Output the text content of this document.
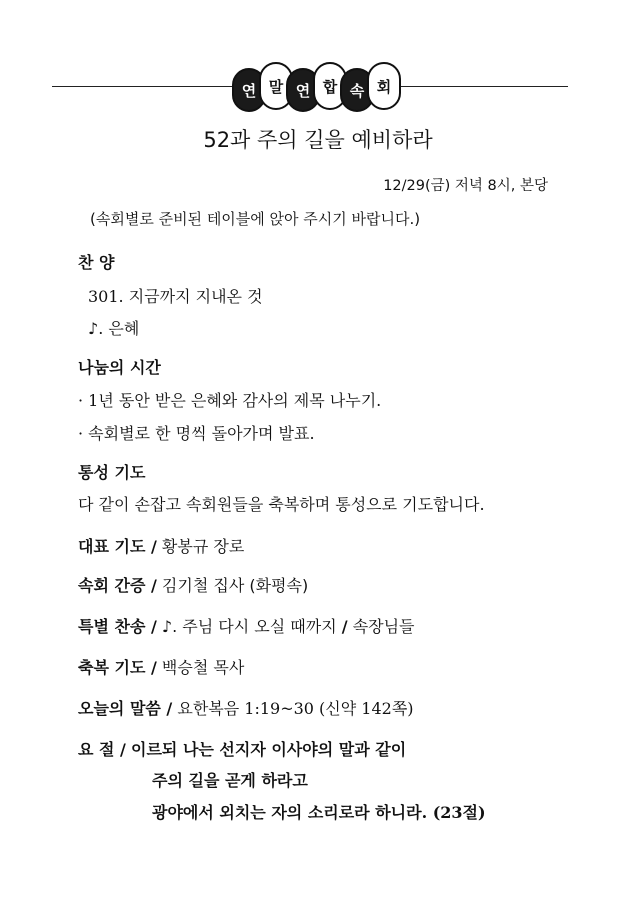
연 말 연 합 속 회
52과 주의 길을 예비하라
12/29(금) 저녁 8시, 본당
(속회별로 준비된 테이블에 앉아 주시기 바랍니다.)
찬 양
301. 지금까지 지내온 것
♪. 은혜
나눔의 시간
· 1년 동안 받은 은혜와 감사의 제목 나누기.
· 속회별로 한 명씩 돌아가며 발표.
통성 기도
다 같이 손잡고 속회원들을 축복하며 통성으로 기도합니다.
대표 기도 / 황봉규 장로
속회 간증 / 김기철 집사 (화평속)
특별 찬송 / ♪. 주님 다시 오실 때까지 / 속장님들
축복 기도 / 백승철 목사
오늘의 말씀 / 요한복음 1:19~30 (신약 142쪽)
요 절 / 이르되 나는 선지자 이사야의 말과 같이
주의 길을 곧게 하라고
광야에서 외치는 자의 소리로라 하니라. (23절)
